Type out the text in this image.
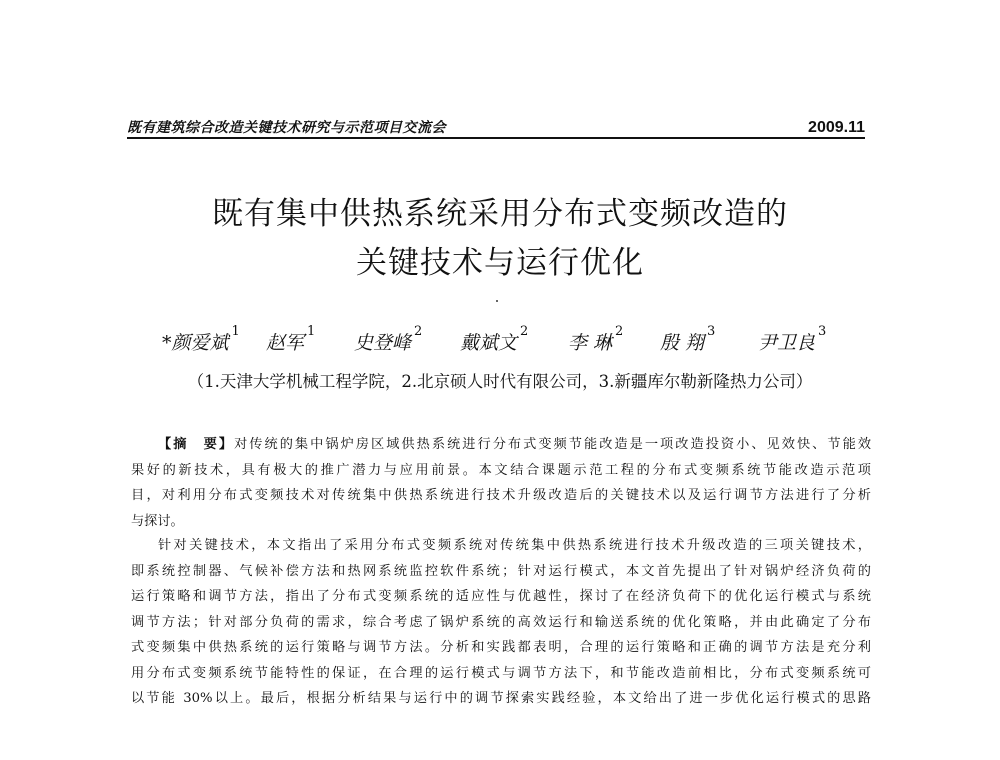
既有建筑综合改造关键技术研究与示范项目交流会	2009.11
既有集中供热系统采用分布式变频改造的
关键技术与运行优化
*颜爱斌$^1$
赵军$^1$
史登峰$^2$
戴斌文$^2$
李 琳$^2$
殷 翔$^3$
尹卫良$^3$
（1.天津大学机械工程学院，2.北京硕人时代有限公司，3.新疆库尔勒新隆热力公司）
【摘　要】对传统的集中锅炉房区域供热系统进行分布式变频节能改造是一项改造投资小、见效快、节能效
果好的新技术，具有极大的推广潜力与应用前景。本文结合课题示范工程的分布式变频系统节能改造示范项
目，对利用分布式变频技术对传统集中供热系统进行技术升级改造后的关键技术以及运行调节方法进行了分析
与探讨。
针对关键技术，本文指出了采用分布式变频系统对传统集中供热系统进行技术升级改造的三项关键技术，
即系统控制器、气候补偿方法和热网系统监控软件系统；针对运行模式，本文首先提出了针对锅炉经济负荷的
运行策略和调节方法，指出了分布式变频系统的适应性与优越性，探讨了在经济负荷下的优化运行模式与系统
调节方法；针对部分负荷的需求，综合考虑了锅炉系统的高效运行和输送系统的优化策略，并由此确定了分布
式变频集中供热系统的运行策略与调节方法。分析和实践都表明，合理的运行策略和正确的调节方法是充分利
用分布式变频系统节能特性的保证，在合理的运行模式与调节方法下，和节能改造前相比，分布式变频系统可
以节能 30%以上。最后，根据分析结果与运行中的调节探索实践经验，本文给出了进一步优化运行模式的思路
